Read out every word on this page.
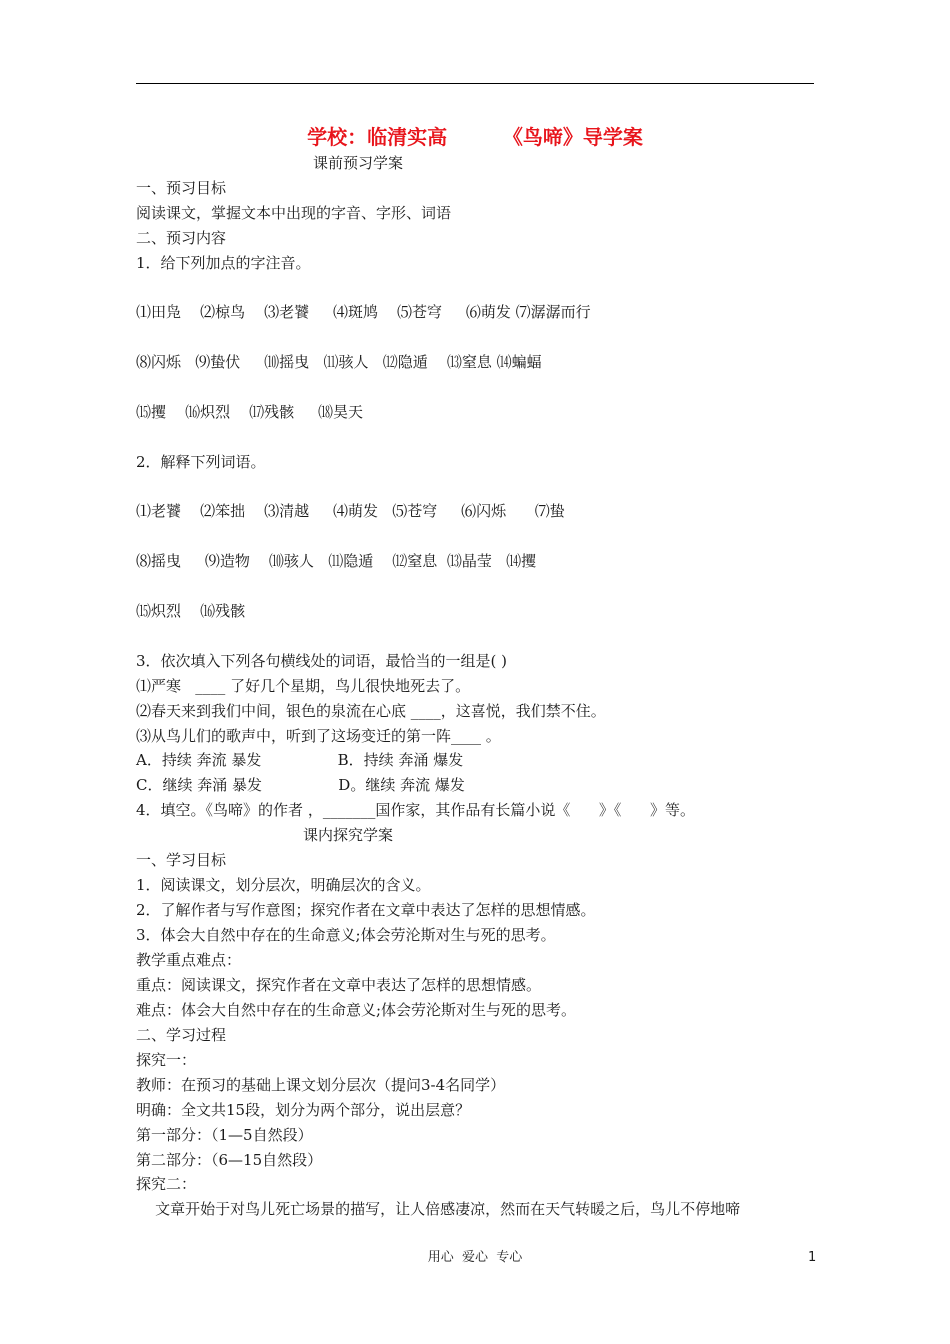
学校：临清实高        《鸟啼》导学案
课前预习学案
一、预习目标
阅读课文，掌握文本中出现的字音、字形、词语
二、预习内容
1．给下列加点的字注音。
⑴田凫    ⑵椋鸟    ⑶老饕     ⑷斑鸠    ⑸苍穹     ⑹萌发 ⑺潺潺而行
⑻闪烁   ⑼蛰伏     ⑽摇曳   ⑾骇人   ⑿隐遁    ⒀窒息 ⒁蝙蝠
⒂攫    ⒃炽烈    ⒄残骸     ⒅昊天
2．解释下列词语。
⑴老饕    ⑵笨拙    ⑶清越     ⑷萌发   ⑸苍穹     ⑹闪烁      ⑺蛰
⑻摇曳     ⑼造物    ⑽骇人   ⑾隐遁    ⑿窒息  ⒀晶莹   ⒁攫
⒂炽烈    ⒃残骸
3．依次填入下列各句横线处的词语，最恰当的一组是( )
⑴严寒   ____ 了好几个星期，鸟儿很快地死去了。
⑵春天来到我们中间，银色的泉流在心底 ____，这喜悦，我们禁不住。
⑶从鸟儿们的歌声中，听到了这场变迁的第一阵____ 。
A．持续 奔流 暴发                B．持续 奔涌 爆发
C．继续 奔涌 暴发                D。继续 奔流 爆发
4．填空。《鸟啼》的作者 ，_______国作家，其作品有长篇小说《      》《      》等。
课内探究学案
一、学习目标
1．阅读课文，划分层次，明确层次的含义。
2．了解作者与写作意图；探究作者在文章中表达了怎样的思想情感。
3．体会大自然中存在的生命意义;体会劳沦斯对生与死的思考。
教学重点难点：
重点：阅读课文，探究作者在文章中表达了怎样的思想情感。
难点：体会大自然中存在的生命意义;体会劳沦斯对生与死的思考。
二、学习过程
探究一：
教师：在预习的基础上课文划分层次（提问3-4名同学）
明确：全文共15段，划分为两个部分，说出层意？
第一部分：（1—5自然段）
第二部分：（6—15自然段）
探究二：
文章开始于对鸟儿死亡场景的描写，让人倍感凄凉，然而在天气转暖之后，鸟儿不停地啼
用心  爱心  专心	1
